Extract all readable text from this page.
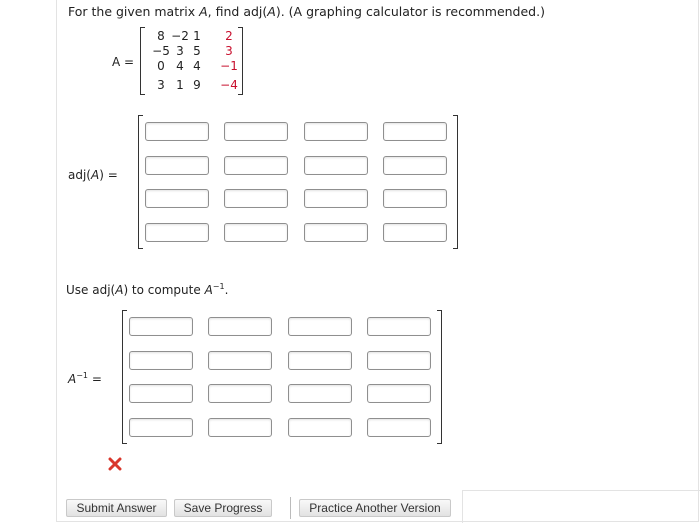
For the given matrix A, find adj(A). (A graphing calculator is recommended.)
A =
8 −2 1	2
−5 3 5	3
0 4 4	−1
3 1 9	−4
adj(A) =
Use adj(A) to compute $A^{-1}$.
$A^{-1}$ =
Submit Answer	Save Progress	Practice Another Version
